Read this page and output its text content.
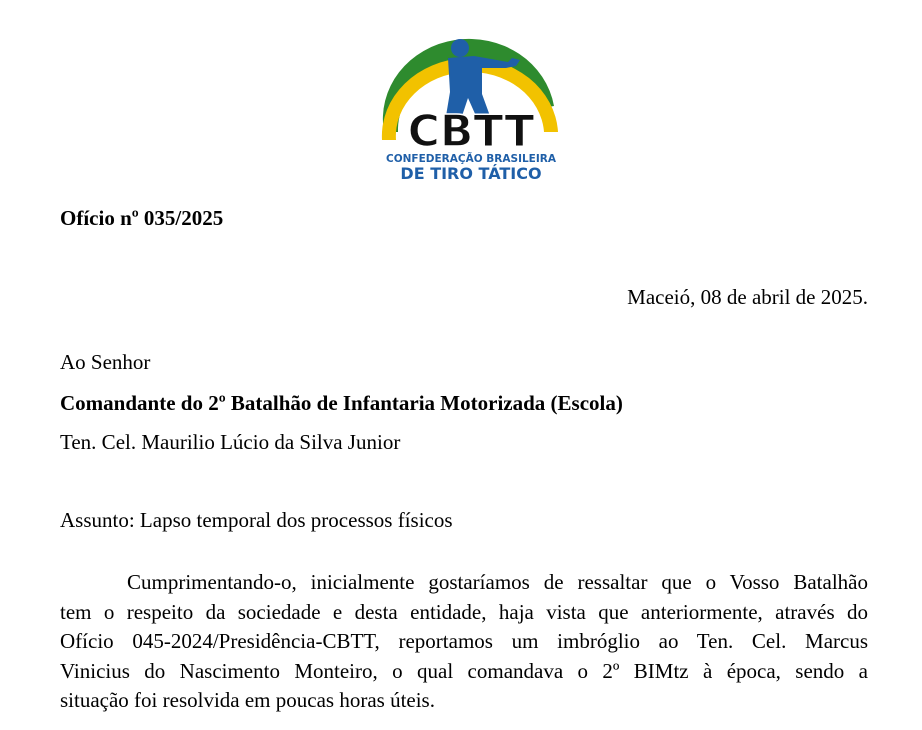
CBTT
CONFEDERAÇÃO BRASILEIRA
DE TIRO TÁTICO
Ofício nº 035/2025
Maceió, 08 de abril de 2025.
Ao Senhor
Comandante do 2º Batalhão de Infantaria Motorizada (Escola)
Ten. Cel. Maurilio Lúcio da Silva Junior
Assunto: Lapso temporal dos processos físicos
Cumprimentando-o, inicialmente gostaríamos de ressaltar que o Vosso Batalhão
tem o respeito da sociedade e desta entidade, haja vista que anteriormente, através do
Ofício 045-2024/Presidência-CBTT, reportamos um imbróglio ao Ten. Cel. Marcus
Vinicius do Nascimento Monteiro, o qual comandava o 2º BIMtz à época, sendo a
situação foi resolvida em poucas horas úteis.
